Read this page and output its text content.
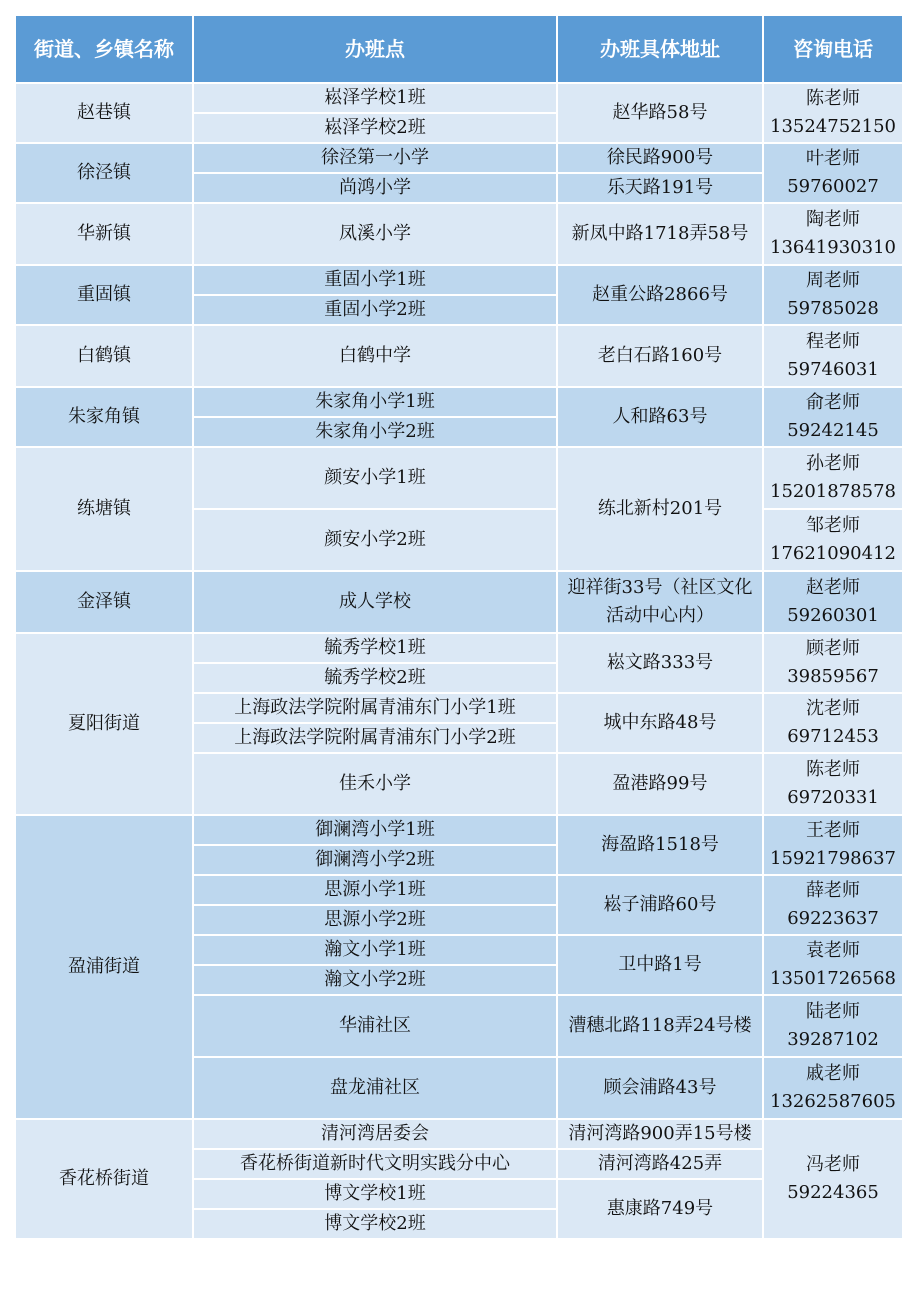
街道、乡镇名称	办班点	办班具体地址	咨询电话
赵巷镇	崧泽学校1班	赵华路58号	陈老师
13524752150

	崧泽学校2班		
徐泾镇	徐泾第一小学	徐民路900号	叶老师
59760027

	尚鸿小学	乐天路191号	
华新镇	凤溪小学	新凤中路1718弄58号	陶老师
13641930310

重固镇	重固小学1班	赵重公路2866号	周老师
59785028

	重固小学2班		
白鹤镇	白鹤中学	老白石路160号	程老师
59746031

朱家角镇	朱家角小学1班	人和路63号	俞老师
59242145

	朱家角小学2班		
练塘镇	颜安小学1班	练北新村201号	孙老师
15201878578

	颜安小学2班		邹老师
17621090412

金泽镇	成人学校	迎祥街33号（社区文化
活动中心内）	赵老师
59260301

夏阳街道	毓秀学校1班	崧文路333号	顾老师
39859567

	毓秀学校2班		
	上海政法学院附属青浦东门小学1班	城中东路48号	沈老师
69712453

	上海政法学院附属青浦东门小学2班		
	佳禾小学	盈港路99号	陈老师
69720331

盈浦街道	御澜湾小学1班	海盈路1518号	王老师
15921798637

	御澜湾小学2班		
	思源小学1班	崧子浦路60号	薛老师
69223637

	思源小学2班		
	瀚文小学1班	卫中路1号	袁老师
13501726568

	瀚文小学2班		
	华浦社区	漕穗北路118弄24号楼	陆老师
39287102

	盘龙浦社区	顾会浦路43号	戚老师
13262587605

香花桥街道	清河湾居委会	清河湾路900弄15号楼	冯老师
59224365

	香花桥街道新时代文明实践分中心	清河湾路425弄	
	博文学校1班	惠康路749号	
	博文学校2班		
